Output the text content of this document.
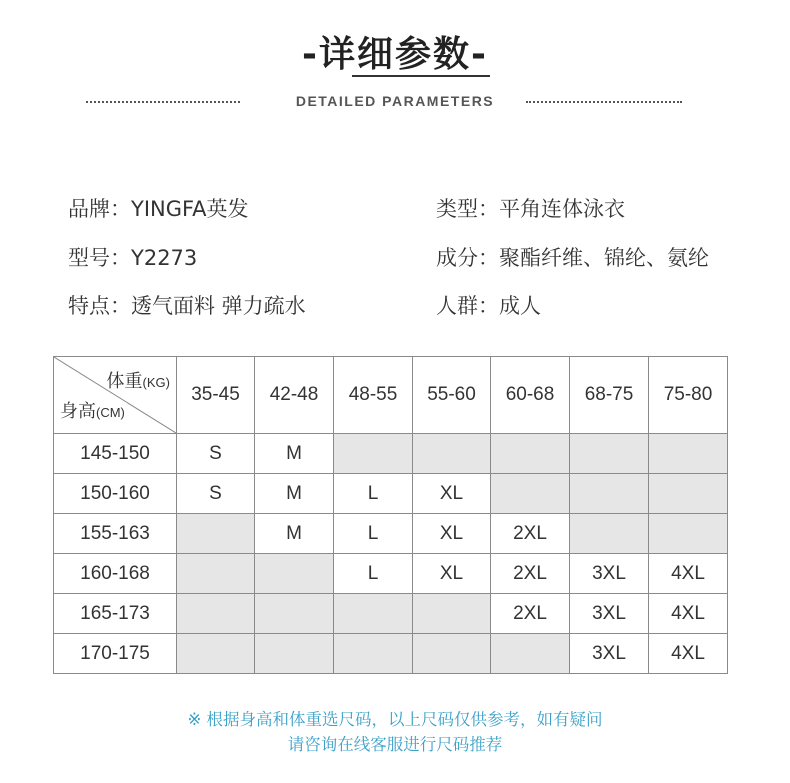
-详细参数-
DETAILED PARAMETERS
品牌：YINGFA英发	类型：平角连体泳衣
型号：Y2273	成分：聚酯纤维、锦纶、氨纶
特点：透气面料 弹力疏水	人群：成人
体重(KG)
身高(CM)	35-45	42-48	48-55	55-60	60-68	68-75	75-80
145-150	S	M					
150-160	S	M	L	XL			
155-163		M	L	XL	2XL		
160-168			L	XL	2XL	3XL	4XL
165-173					2XL	3XL	4XL
170-175						3XL	4XL
※ 根据身高和体重选尺码，以上尺码仅供参考，如有疑问
请咨询在线客服进行尺码推荐
